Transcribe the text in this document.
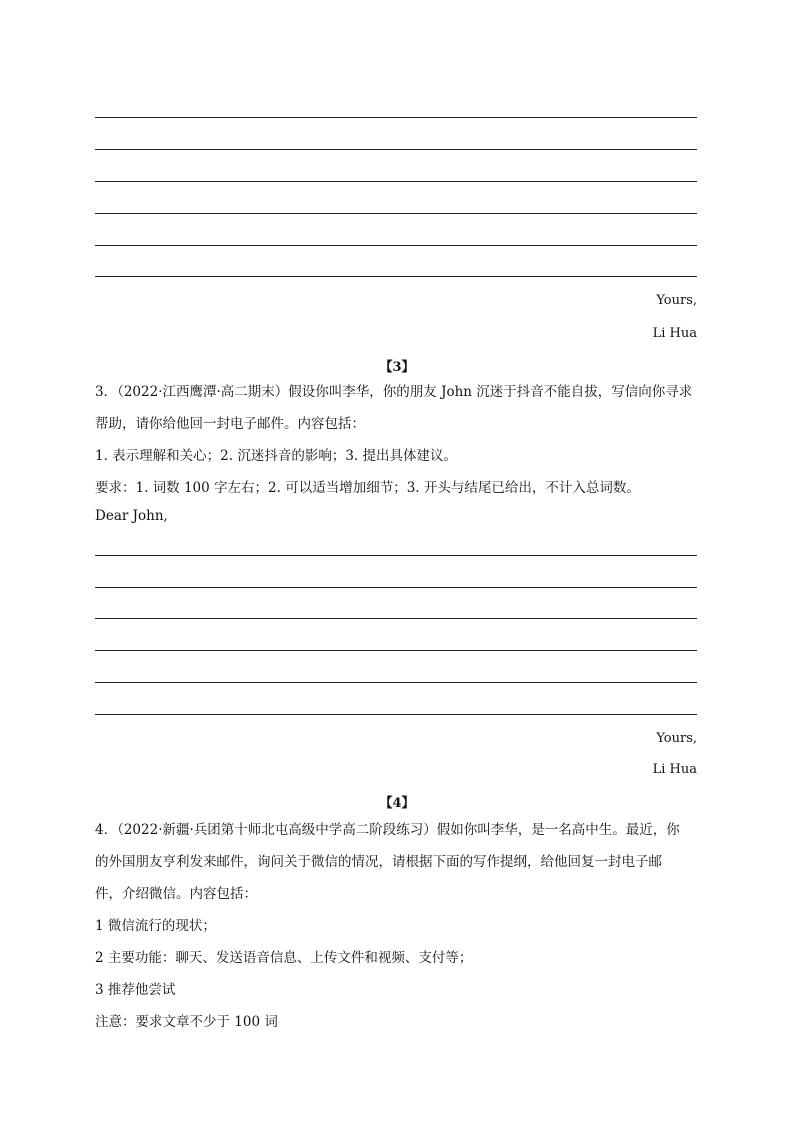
Yours,
Li Hua
【3】
3．（2022·江西鹰潭·高二期末）假设你叫李华，你的朋友 John 沉迷于抖音不能自拔，写信向你寻求
帮助，请你给他回一封电子邮件。内容包括：
1. 表示理解和关心；2. 沉迷抖音的影响；3. 提出具体建议。
要求：1. 词数 100 字左右；2. 可以适当增加细节；3. 开头与结尾已给出，不计入总词数。
Dear John,
Yours,
Li Hua
【4】
4．（2022·新疆·兵团第十师北屯高级中学高二阶段练习）假如你叫李华，是一名高中生。最近，你
的外国朋友亨利发来邮件，询问关于微信的情况，请根据下面的写作提纲，给他回复一封电子邮
件，介绍微信。内容包括：
1 微信流行的现状；
2 主要功能：聊天、发送语音信息、上传文件和视频、支付等；
3 推荐他尝试
注意：要求文章不少于 100 词
